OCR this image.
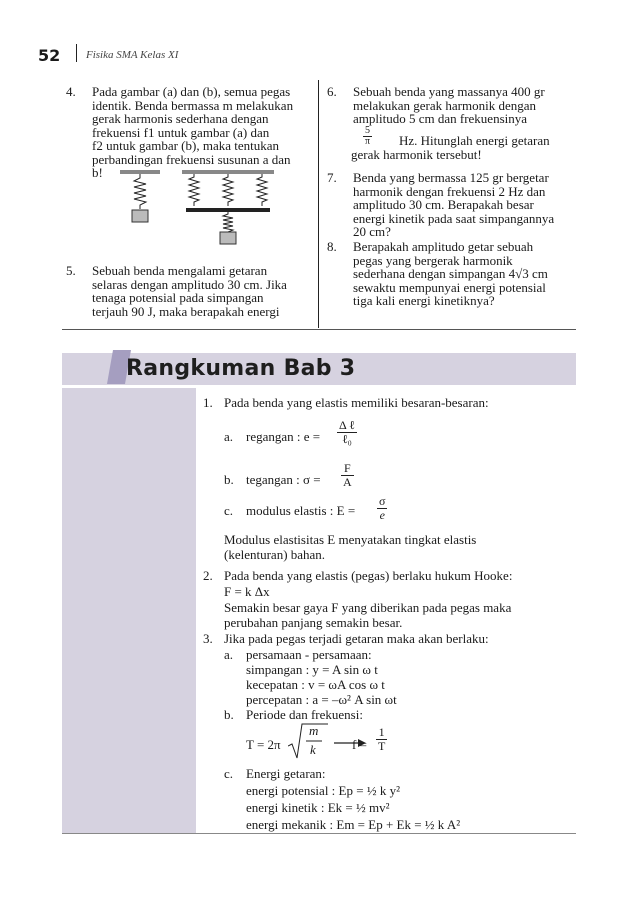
52 Fisika SMA Kelas XI
4. Pada gambar (a) dan (b), semua pegas
identik. Benda bermassa m melakukan
gerak harmonis sederhana dengan
frekuensi f1 untuk gambar (a) dan
f2 untuk gambar (b), maka tentukan
perbandingan frekuensi susunan a dan
b!
5. Sebuah benda mengalami getaran
selaras dengan amplitudo 30 cm. Jika
tenaga potensial pada simpangan
terjauh 90 J, maka berapakah energi
6. Sebuah benda yang massanya 400 gr
melakukan gerak harmonik dengan
amplitudo 5 cm dan frekuensinya
$\frac{5}{\pi} Hz$. Hitunglah energi getaran
gerak harmonik tersebut!
7. Benda yang bermassa 125 gr bergetar
harmonik dengan frekuensi 2 Hz dan
amplitudo 30 cm. Berapakah besar
energi kinetik pada saat simpangannya
20 cm?
8. Berapakah amplitudo getar sebuah
pegas yang bergerak harmonik
sederhana dengan simpangan 4√3 cm
sewaktu mempunyai energi potensial
tiga kali energi kinetiknya?
Rangkuman Bab 3
1. Pada benda yang elastis memiliki besaran-besaran:
a. regangan : $e = \frac{\text{Δ ℓ}}{\text{ℓ₀}}$
b. tegangan : $\sigma = \frac{F}{A}$
c. modulus elastis : $E = \frac{\sigma}{e}$
Modulus elastisitas E menyatakan tingkat elastis
(kelenturan) bahan.
2. Pada benda yang elastis (pegas) berlaku hukum Hooke:
F = k Δx
Semakin besar gaya F yang diberikan pada pegas maka
perubahan panjang semakin besar.
3. Jika pada pegas terjadi getaran maka akan berlaku:
a. persamaan - persamaan:
simpangan : y = A sin ω t
kecepatan : v = ωA cos ω t
percepatan : a = –ω² A sin ωt
b. Periode dan frekuensi:
T = 2π
m
k	$f = \frac{1}{T}$
c. Energi getaran:
energi potensial : Ep = ½ k y²
energi kinetik : Ek = ½ mv²
energi mekanik : Em = Ep + Ek = ½ k A²
